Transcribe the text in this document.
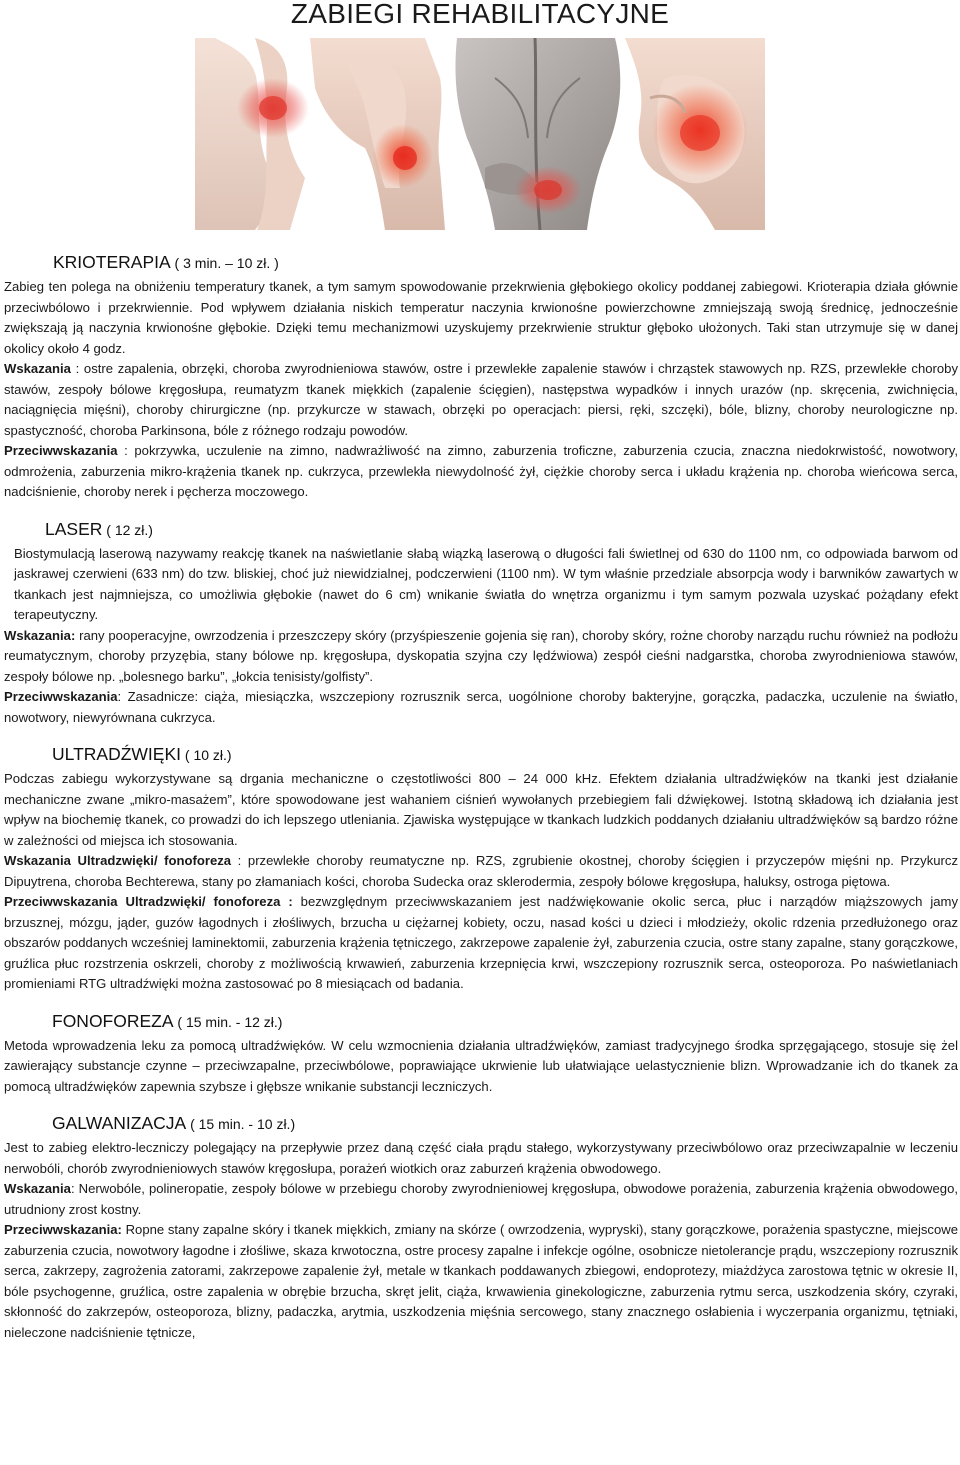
ZABIEGI REHABILITACYJNE
KRIOTERAPIA ( 3 min. – 10 zł. )

Zabieg ten polega na obniżeniu temperatury tkanek, a tym samym spowodowanie przekrwienia głębokiego okolicy poddanej zabiegowi. Krioterapia działa głównie przeciwbólowo i przekrwiennie. Pod wpływem działania niskich temperatur naczynia krwionośne powierzchowne zmniejszają swoją średnicę, jednocześnie zwiększają ją naczynia krwionośne głębokie. Dzięki temu mechanizmowi uzyskujemy przekrwienie struktur głęboko ułożonych. Taki stan utrzymuje się w danej okolicy około 4 godz.

Wskazania : ostre zapalenia, obrzęki, choroba zwyrodnieniowa stawów, ostre i przewlekłe zapalenie stawów i chrząstek stawowych np. RZS, przewlekłe choroby stawów, zespoły bólowe kręgosłupa, reumatyzm tkanek miękkich (zapalenie ścięgien), następstwa wypadków i innych urazów (np. skręcenia, zwichnięcia, naciągnięcia mięśni), choroby chirurgiczne (np. przykurcze w stawach, obrzęki po operacjach: piersi, ręki, szczęki), bóle, blizny, choroby neurologiczne np. spastyczność, choroba Parkinsona, bóle z różnego rodzaju powodów.

Przeciwwskazania : pokrzywka, uczulenie na zimno, nadwrażliwość na zimno, zaburzenia troficzne, zaburzenia czucia, znaczna niedokrwistość, nowotwory, odmrożenia, zaburzenia mikro-krążenia tkanek np. cukrzyca, przewlekła niewydolność żył, ciężkie choroby serca i układu krążenia np. choroba wieńcowa serca, nadciśnienie, choroby nerek i pęcherza moczowego.

LASER ( 12 zł.)

Biostymulacją laserową nazywamy reakcję tkanek na naświetlanie słabą wiązką laserową o długości fali świetlnej od 630 do 1100 nm, co odpowiada barwom od jaskrawej czerwieni (633 nm) do tzw. bliskiej, choć już niewidzialnej, podczerwieni (1100 nm). W tym właśnie przedziale absorpcja wody i barwników zawartych w tkankach jest najmniejsza, co umożliwia głębokie (nawet do 6 cm) wnikanie światła do wnętrza organizmu i tym samym pozwala uzyskać pożądany efekt terapeutyczny.

Wskazania: rany pooperacyjne, owrzodzenia i przeszczepy skóry (przyśpieszenie gojenia się ran), choroby skóry, rożne choroby narządu ruchu również na podłożu reumatycznym, choroby przyzębia, stany bólowe np. kręgosłupa, dyskopatia szyjna czy lędźwiowa) zespół cieśni nadgarstka, choroba zwyrodnieniowa stawów, zespoły bólowe np. „bolesnego barku”, „łokcia tenisisty/golfisty”.

Przeciwwskazania: Zasadnicze: ciąża, miesiączka, wszczepiony rozrusznik serca, uogólnione choroby bakteryjne, gorączka, padaczka, uczulenie na światło, nowotwory, niewyrównana cukrzyca.

ULTRADŹWIĘKI ( 10 zł.)

Podczas zabiegu wykorzystywane są drgania mechaniczne o częstotliwości 800 ‒ 24 000 kHz. Efektem działania ultradźwięków na tkanki jest działanie mechaniczne zwane „mikro-masażem”, które spowodowane jest wahaniem ciśnień wywołanych przebiegiem fali dźwiękowej. Istotną składową ich działania jest wpływ na biochemię tkanek, co prowadzi do ich lepszego utleniania. Zjawiska występujące w tkankach ludzkich poddanych działaniu ultradźwięków są bardzo różne w zależności od miejsca ich stosowania.

Wskazania Ultradzwięki/ fonoforeza : przewlekłe choroby reumatyczne np. RZS, zgrubienie okostnej, choroby ścięgien i przyczepów mięśni np. Przykurcz Dipuytrena, choroba Bechterewa, stany po złamaniach kości, choroba Sudecka oraz sklerodermia, zespoły bólowe kręgosłupa, haluksy, ostroga piętowa.

Przeciwwskazania Ultradzwięki/ fonoforeza : bezwzględnym przeciwwskazaniem jest nadźwiękowanie okolic serca, płuc i narządów miąższowych jamy brzusznej, mózgu, jąder, guzów łagodnych i złośliwych, brzucha u ciężarnej kobiety, oczu, nasad kości u dzieci i młodzieży, okolic rdzenia przedłużonego oraz obszarów poddanych wcześniej laminektomii, zaburzenia krążenia tętniczego, zakrzepowe zapalenie żył, zaburzenia czucia, ostre stany zapalne, stany gorączkowe, gruźlica płuc rozstrzenia oskrzeli, choroby z możliwością krwawień, zaburzenia krzepnięcia krwi, wszczepiony rozrusznik serca, osteoporoza. Po naświetlaniach promieniami RTG ultradźwięki można zastosować po 8 miesiącach od badania.

FONOFOREZA ( 15 min. - 12 zł.)

Metoda wprowadzenia leku za pomocą ultradźwięków. W celu wzmocnienia działania ultradźwięków, zamiast tradycyjnego środka sprzęgającego, stosuje się żel zawierający substancje czynne ‒ przeciwzapalne, przeciwbólowe, poprawiające ukrwienie lub ułatwiające uelastycznienie blizn. Wprowadzanie ich do tkanek za pomocą ultradźwięków zapewnia szybsze i głębsze wnikanie substancji leczniczych.

GALWANIZACJA ( 15 min. - 10 zł.)

Jest to zabieg elektro-leczniczy polegający na przepływie przez daną część ciała prądu stałego, wykorzystywany przeciwbólowo oraz przeciwzapalnie w leczeniu nerwobóli, chorób zwyrodnieniowych stawów kręgosłupa, porażeń wiotkich oraz zaburzeń krążenia obwodowego.

Wskazania: Nerwobóle, polineropatie, zespoły bólowe w przebiegu choroby zwyrodnieniowej kręgosłupa, obwodowe porażenia, zaburzenia krążenia obwodowego, utrudniony zrost kostny.

Przeciwwskazania: Ropne stany zapalne skóry i tkanek miękkich, zmiany na skórze ( owrzodzenia, wypryski), stany gorączkowe, porażenia spastyczne, miejscowe zaburzenia czucia, nowotwory łagodne i złośliwe, skaza krwotoczna, ostre procesy zapalne i infekcje ogólne, osobnicze nietolerancje prądu, wszczepiony rozrusznik serca, zakrzepy, zagrożenia zatorami, zakrzepowe zapalenie żył, metale w tkankach poddawanych zbiegowi, endoprotezy, miażdżyca zarostowa tętnic w okresie II, bóle psychogenne, gruźlica, ostre zapalenia w obrębie brzucha, skręt jelit, ciąża, krwawienia ginekologiczne, zaburzenia rytmu serca, uszkodzenia skóry, czyraki, skłonność do zakrzepów, osteoporoza, blizny, padaczka, arytmia, uszkodzenia mięśnia sercowego, stany znacznego osłabienia i wyczerpania organizmu, tętniaki, nieleczone nadciśnienie tętnicze,
